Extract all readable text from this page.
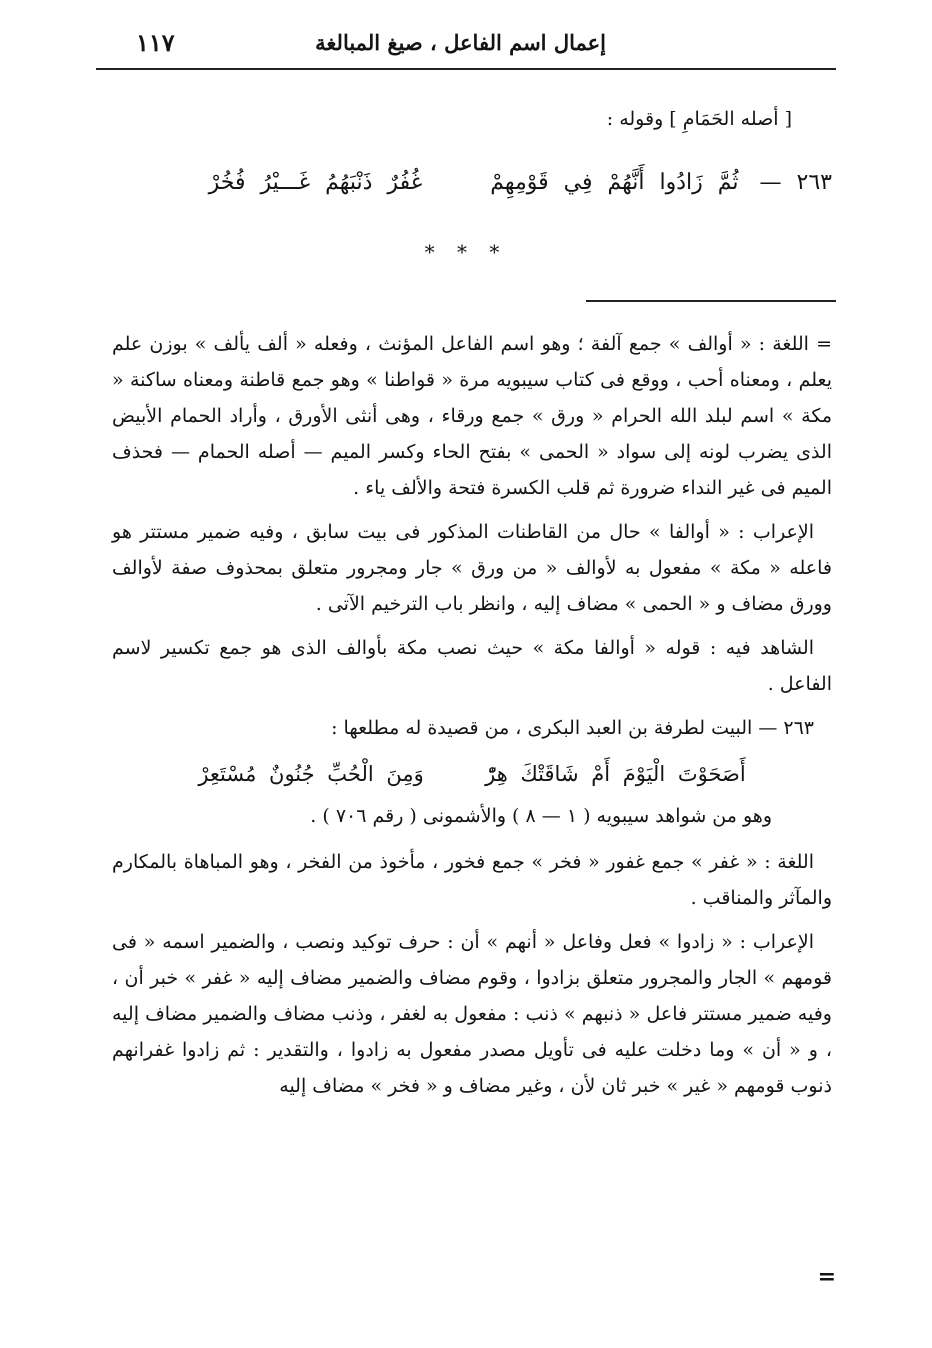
إعمال اسم الفاعل ، صيغ المبالغة
١١٧
[ أصله الحَمَامِ ] وقوله :
٢٦٣ — ثُمَّ زَادُوا أَنَّهُمْ فِي قَوْمِهِمْ  غُفُرٌ ذَنْبَهُمُ غَـــيْرُ فُخُرْ
* * *

= اللغة : « أوالف » جمع آلفة ؛ وهو اسم الفاعل المؤنث ، وفعله « ألف يألف » بوزن علم يعلم ، ومعناه أحب ، ووقع فى كتاب سيبويه مرة « قواطنا » وهو جمع قاطنة ومعناه ساكنة « مكة » اسم لبلد الله الحرام « ورق » جمع ورقاء ، وهى أنثى الأورق ، وأراد الحمام الأبيض الذى يضرب لونه إلى سواد « الحمى » بفتح الحاء وكسر الميم — أصله الحمام — فحذف الميم فى غير النداء ضرورة ثم قلب الكسرة فتحة والألف ياء .

الإعراب : « أوالفا » حال من القاطنات المذكور فى بيت سابق ، وفيه ضمير مستتر هو فاعله « مكة » مفعول به لأوالف « من ورق » جار ومجرور متعلق بمحذوف صفة لأوالف وورق مضاف و « الحمى » مضاف إليه ، وانظر باب الترخيم الآتى .

الشاهد فيه : قوله « أوالفا مكة » حيث نصب مكة بأوالف الذى هو جمع تكسير لاسم الفاعل .

٢٦٣ — البيت لطرفة بن العبد البكرى ، من قصيدة له مطلعها :

أَصَحَوْتَ الْيَوْمَ أَمْ شَاقَتْكَ هِرّْ  وَمِنَ الْحُبِّ جُنُونٌ مُسْتَعِرْ

وهو من شواهد سيبويه ( ١ — ٨ ) والأشمونى ( رقم ٧٠٦ ) .

اللغة : « غفر » جمع غفور « فخر » جمع فخور ، مأخوذ من الفخر ، وهو المباهاة بالمكارم والمآثر والمناقب .

الإعراب : « زادوا » فعل وفاعل « أنهم » أن : حرف توكيد ونصب ، والضمير اسمه « فى قومهم » الجار والمجرور متعلق بزادوا ، وقوم مضاف والضمير مضاف إليه « غفر » خبر أن ، وفيه ضمير مستتر فاعل « ذنبهم » ذنب : مفعول به لغفر ، وذنب مضاف والضمير مضاف إليه ، و « أن » وما دخلت عليه فى تأويل مصدر مفعول به زادوا ، والتقدير : ثم زادوا غفرانهم ذنوب قومهم « غير » خبر ثان لأن ، وغير مضاف و « فخر » مضاف إليه

=
